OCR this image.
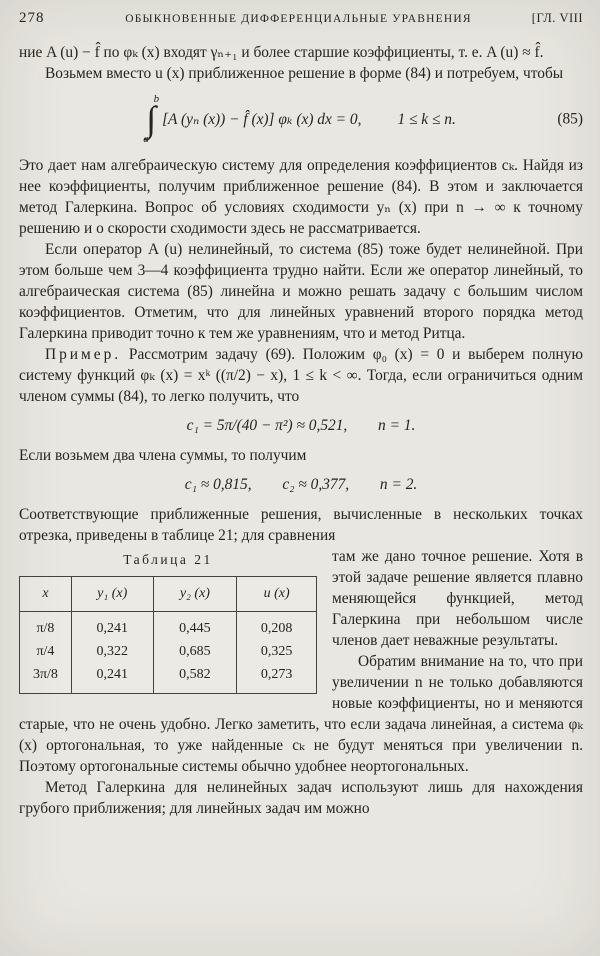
278	ОБЫКНОВЕННЫЕ ДИФФЕРЕНЦИАЛЬНЫЕ УРАВНЕНИЯ	[ГЛ. VIII

ние A (u) − f̂ по φₖ (x) входят γₙ₊₁ и более старшие коэффициенты, т. е. A (u) ≈ f̂.

Возьмем вместо u (x) приближенное решение в форме (84) и потребуем, чтобы

b
∫
a
[A (yₙ (x)) − f̂ (x)] φₖ (x) dx = 0, 1 ≤ k ≤ n.	(85)

Это дает нам алгебраическую систему для определения коэффициентов cₖ. Найдя из нее коэффициенты, получим приближенное решение (84). В этом и заключается метод Галеркина. Вопрос об условиях сходимости yₙ (x) при n → ∞ к точному решению и о скорости сходимости здесь не рассматривается.

Если оператор A (u) нелинейный, то система (85) тоже будет нелинейной. При этом больше чем 3—4 коэффициента трудно найти. Если же оператор линейный, то алгебраическая система (85) линейна и можно решать задачу с большим числом коэффициентов. Отметим, что для линейных уравнений второго порядка метод Галеркина приводит точно к тем же уравнениям, что и метод Ритца.

Пример. Рассмотрим задачу (69). Положим φ₀ (x) = 0 и выберем полную систему функций φₖ (x) = xᵏ ((π/2) − x), 1 ≤ k < ∞. Тогда, если ограничиться одним членом суммы (84), то легко получить, что

c₁ = 5π/(40 − π²) ≈ 0,521,  n = 1.

Если возьмем два члена суммы, то получим

c₁ ≈ 0,815,  c₂ ≈ 0,377,  n = 2.

Соответствующие приближенные решения, вычисленные в нескольких точках отрезка, приведены в таблице 21; для сравнения

Таблица 21
x	y₁ (x)	y₂ (x)	u (x)
π/8	0,241	0,445	0,208
π/4	0,322	0,685	0,325
3π/8	0,241	0,582	0,273

там же дано точное решение. Хотя в этой задаче решение является плавно меняющейся функцией, метод Галеркина при небольшом числе членов дает неважные результаты.

Обратим внимание на то, что при увеличении n не только добавляются новые коэффициенты, но и меняются старые, что не очень удобно. Легко заметить, что если задача линейная, а система φₖ (x) ортогональная, то уже найденные cₖ не будут меняться при увеличении n. Поэтому ортогональные системы обычно удобнее неортогональных.

Метод Галеркина для нелинейных задач используют лишь для нахождения грубого приближения; для линейных задач им можно
